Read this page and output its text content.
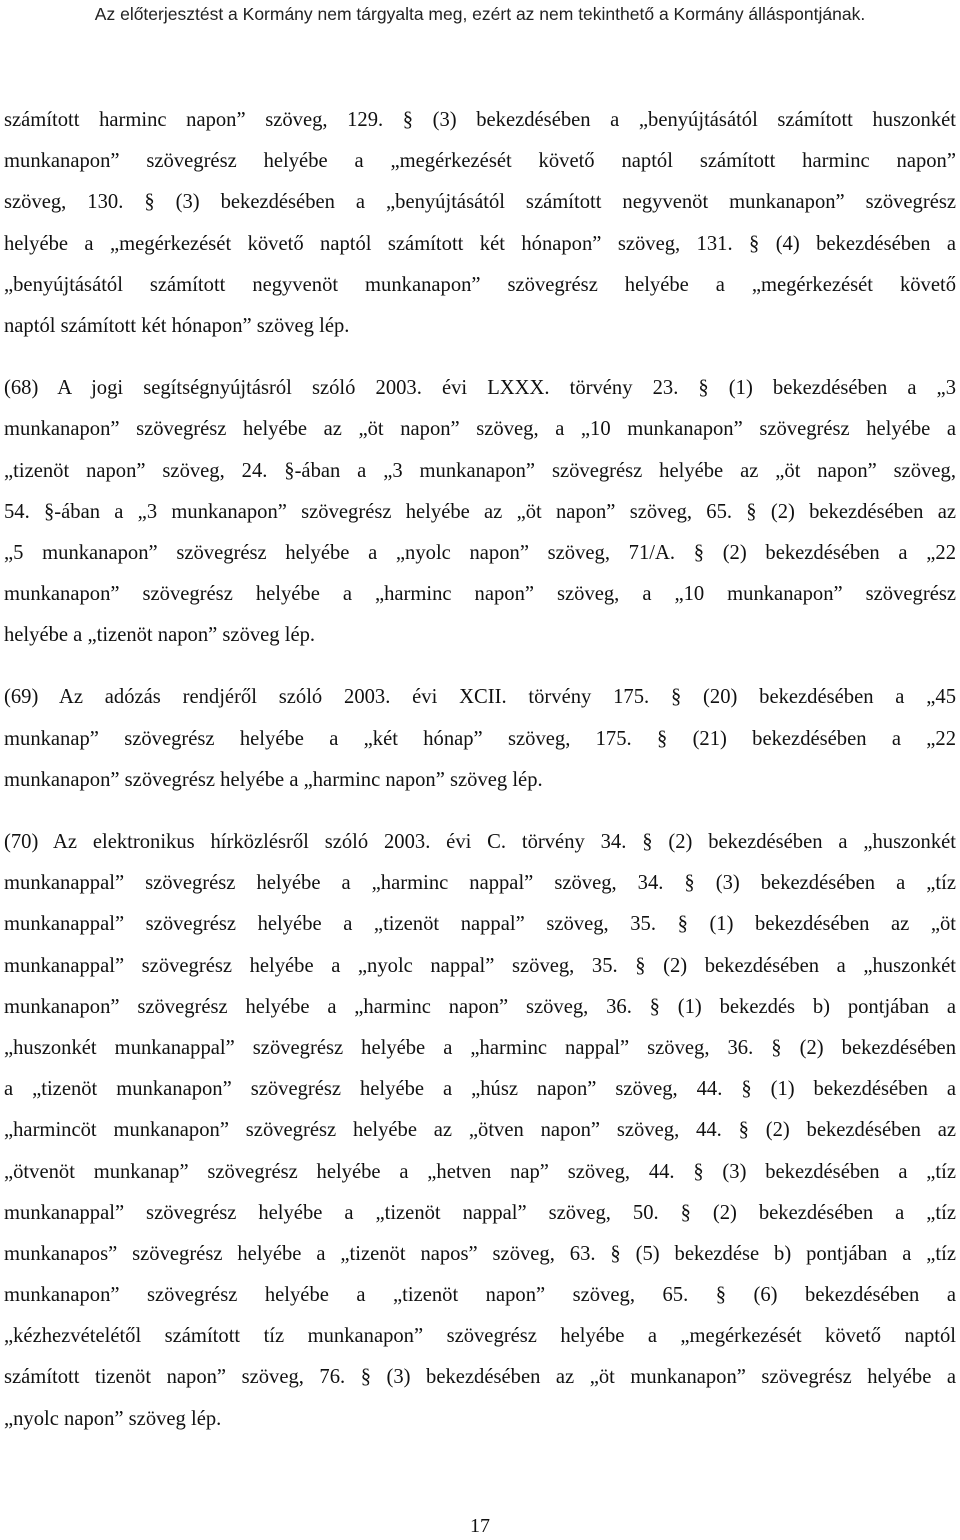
Az előterjesztést a Kormány nem tárgyalta meg, ezért az nem tekinthető a Kormány álláspontjának.

számított harminc napon” szöveg, 129. § (3) bekezdésében a „benyújtásától számított huszonkét
munkanapon” szövegrész helyébe a „megérkezését követő naptól számított harminc napon”
szöveg, 130. § (3) bekezdésében a „benyújtásától számított negyvenöt munkanapon” szövegrész
helyébe a „megérkezését követő naptól számított két hónapon” szöveg, 131. § (4) bekezdésében a
„benyújtásától számított negyvenöt munkanapon” szövegrész helyébe a „megérkezését követő
naptól számított két hónapon” szöveg lép.

(68) A jogi segítségnyújtásról szóló 2003. évi LXXX. törvény 23. § (1) bekezdésében a „3
munkanapon” szövegrész helyébe az „öt napon” szöveg, a „10 munkanapon” szövegrész helyébe a
„tizenöt napon” szöveg, 24. §-ában a „3 munkanapon” szövegrész helyébe az „öt napon” szöveg,
54. §-ában a „3 munkanapon” szövegrész helyébe az „öt napon” szöveg, 65. § (2) bekezdésében az
„5 munkanapon” szövegrész helyébe a „nyolc napon” szöveg, 71/A. § (2) bekezdésében a „22
munkanapon” szövegrész helyébe a „harminc napon” szöveg, a „10 munkanapon” szövegrész
helyébe a „tizenöt napon” szöveg lép.

(69) Az adózás rendjéről szóló 2003. évi XCII. törvény 175. § (20) bekezdésében a „45
munkanap” szövegrész helyébe a „két hónap” szöveg, 175. § (21) bekezdésében a „22
munkanapon” szövegrész helyébe a „harminc napon” szöveg lép.

(70) Az elektronikus hírközlésről szóló 2003. évi C. törvény 34. § (2) bekezdésében a „huszonkét
munkanappal” szövegrész helyébe a „harminc nappal” szöveg, 34. § (3) bekezdésében a „tíz
munkanappal” szövegrész helyébe a „tizenöt nappal” szöveg, 35. § (1) bekezdésében az „öt
munkanappal” szövegrész helyébe a „nyolc nappal” szöveg, 35. § (2) bekezdésében a „huszonkét
munkanapon” szövegrész helyébe a „harminc napon” szöveg, 36. § (1) bekezdés b) pontjában a
„huszonkét munkanappal” szövegrész helyébe a „harminc nappal” szöveg, 36. § (2) bekezdésében
a „tizenöt munkanapon” szövegrész helyébe a „húsz napon” szöveg, 44. § (1) bekezdésében a
„harmincöt munkanapon” szövegrész helyébe az „ötven napon” szöveg, 44. § (2) bekezdésében az
„ötvenöt munkanap” szövegrész helyébe a „hetven nap” szöveg, 44. § (3) bekezdésében a „tíz
munkanappal” szövegrész helyébe a „tizenöt nappal” szöveg, 50. § (2) bekezdésében a „tíz
munkanapos” szövegrész helyébe a „tizenöt napos” szöveg, 63. § (5) bekezdése b) pontjában a „tíz
munkanapon” szövegrész helyébe a „tizenöt napon” szöveg, 65. § (6) bekezdésében a
„kézhezvételétől számított tíz munkanapon” szövegrész helyébe a „megérkezését követő naptól
számított tizenöt napon” szöveg, 76. § (3) bekezdésében az „öt munkanapon” szövegrész helyébe a
„nyolc napon” szöveg lép.

17
